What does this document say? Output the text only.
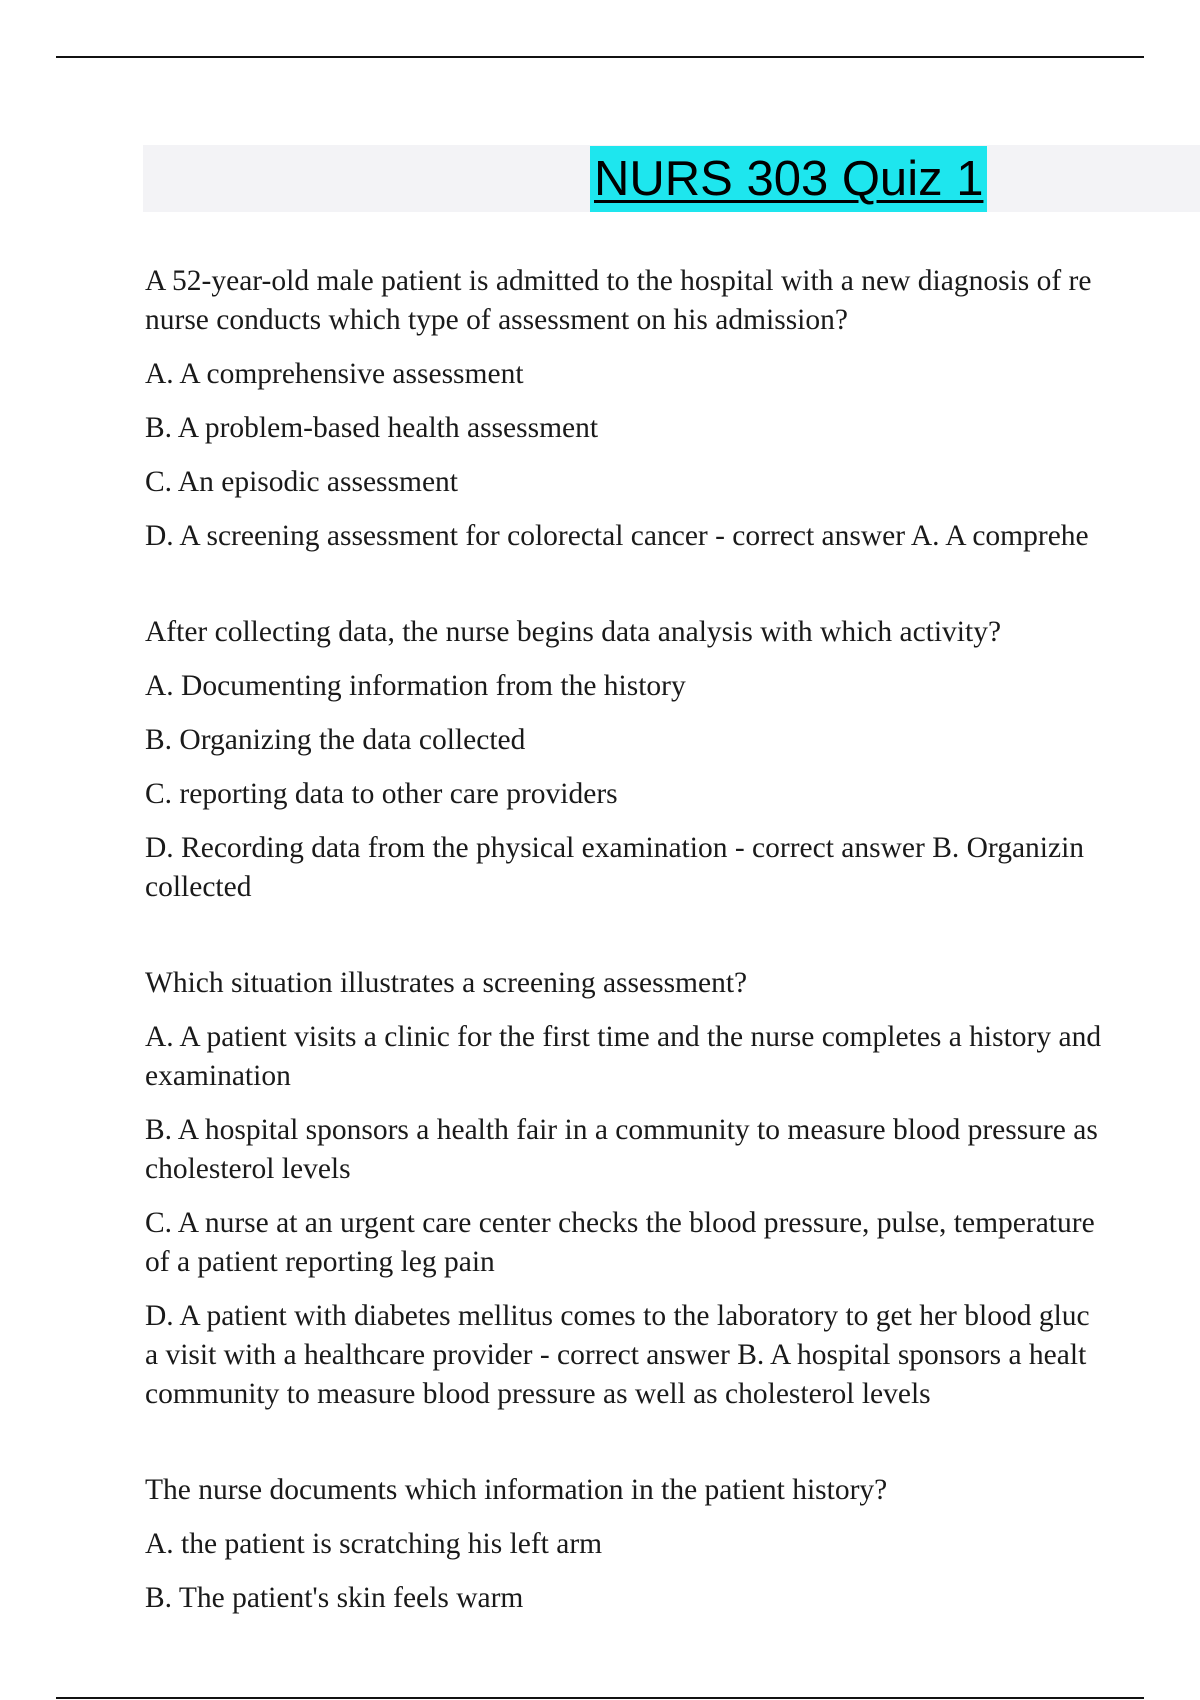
NURS 303 Quiz 1

A 52-year-old male patient is admitted to the hospital with a new diagnosis of re
nurse conducts which type of assessment on his admission?

A. A comprehensive assessment

B. A problem-based health assessment

C. An episodic assessment

D. A screening assessment for colorectal cancer - correct answer A. A comprehe

After collecting data, the nurse begins data analysis with which activity?

A. Documenting information from the history

B. Organizing the data collected

C. reporting data to other care providers

D. Recording data from the physical examination - correct answer B. Organizin
collected

Which situation illustrates a screening assessment?

A. A patient visits a clinic for the first time and the nurse completes a history and
examination

B. A hospital sponsors a health fair in a community to measure blood pressure as
cholesterol levels

C. A nurse at an urgent care center checks the blood pressure, pulse, temperature
of a patient reporting leg pain

D. A patient with diabetes mellitus comes to the laboratory to get her blood gluc
a visit with a healthcare provider - correct answer B. A hospital sponsors a healt
community to measure blood pressure as well as cholesterol levels

The nurse documents which information in the patient history?

A. the patient is scratching his left arm

B. The patient's skin feels warm
